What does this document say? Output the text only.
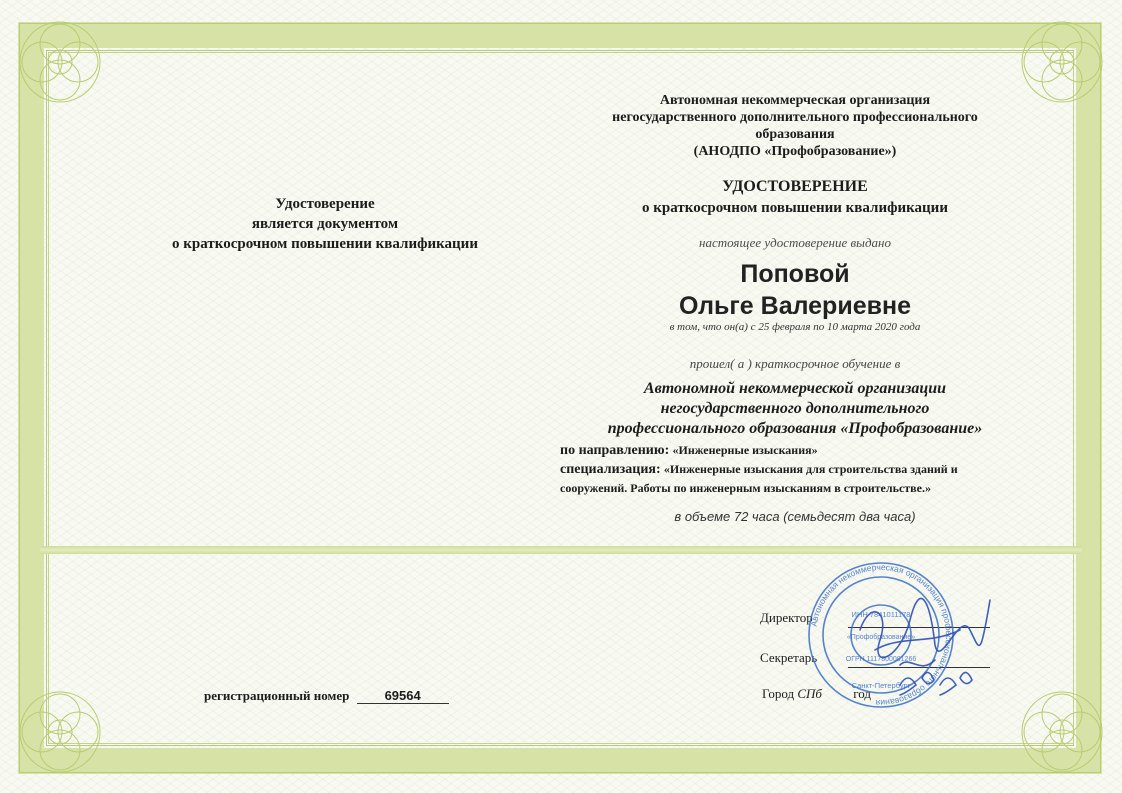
Удостоверение
является документом
о краткосрочном повышении квалификации
Автономная некоммерческая организация
негосударственного дополнительного профессионального
образования
(АНОДПО «Профобразование»)
УДОСТОВЕРЕНИЕ
о краткосрочном повышении квалификации
настоящее удостоверение выдано
Поповой
Ольге Валериевне
в том, что он(а) с 25 февраля по 10 марта 2020 года
прошел( а ) краткосрочное обучение в
Автономной некоммерческой организации
негосударственного дополнительного
профессионального образования «Профобразование»
по направлению: «Инженерные изыскания»
специализация: «Инженерные изыскания для строительства зданий и
сооружений. Работы по инженерным изысканиям в строительстве.»
в объеме 72 часа (семьдесят два часа)
Директор
Секретарь
Город СПб год
регистрационный номер	69564
Автономная некоммерческая организация профессионального образования
ИНН 7841011178
«Профобразование»
ОГРН 1117800001266
Санкт-Петербург
